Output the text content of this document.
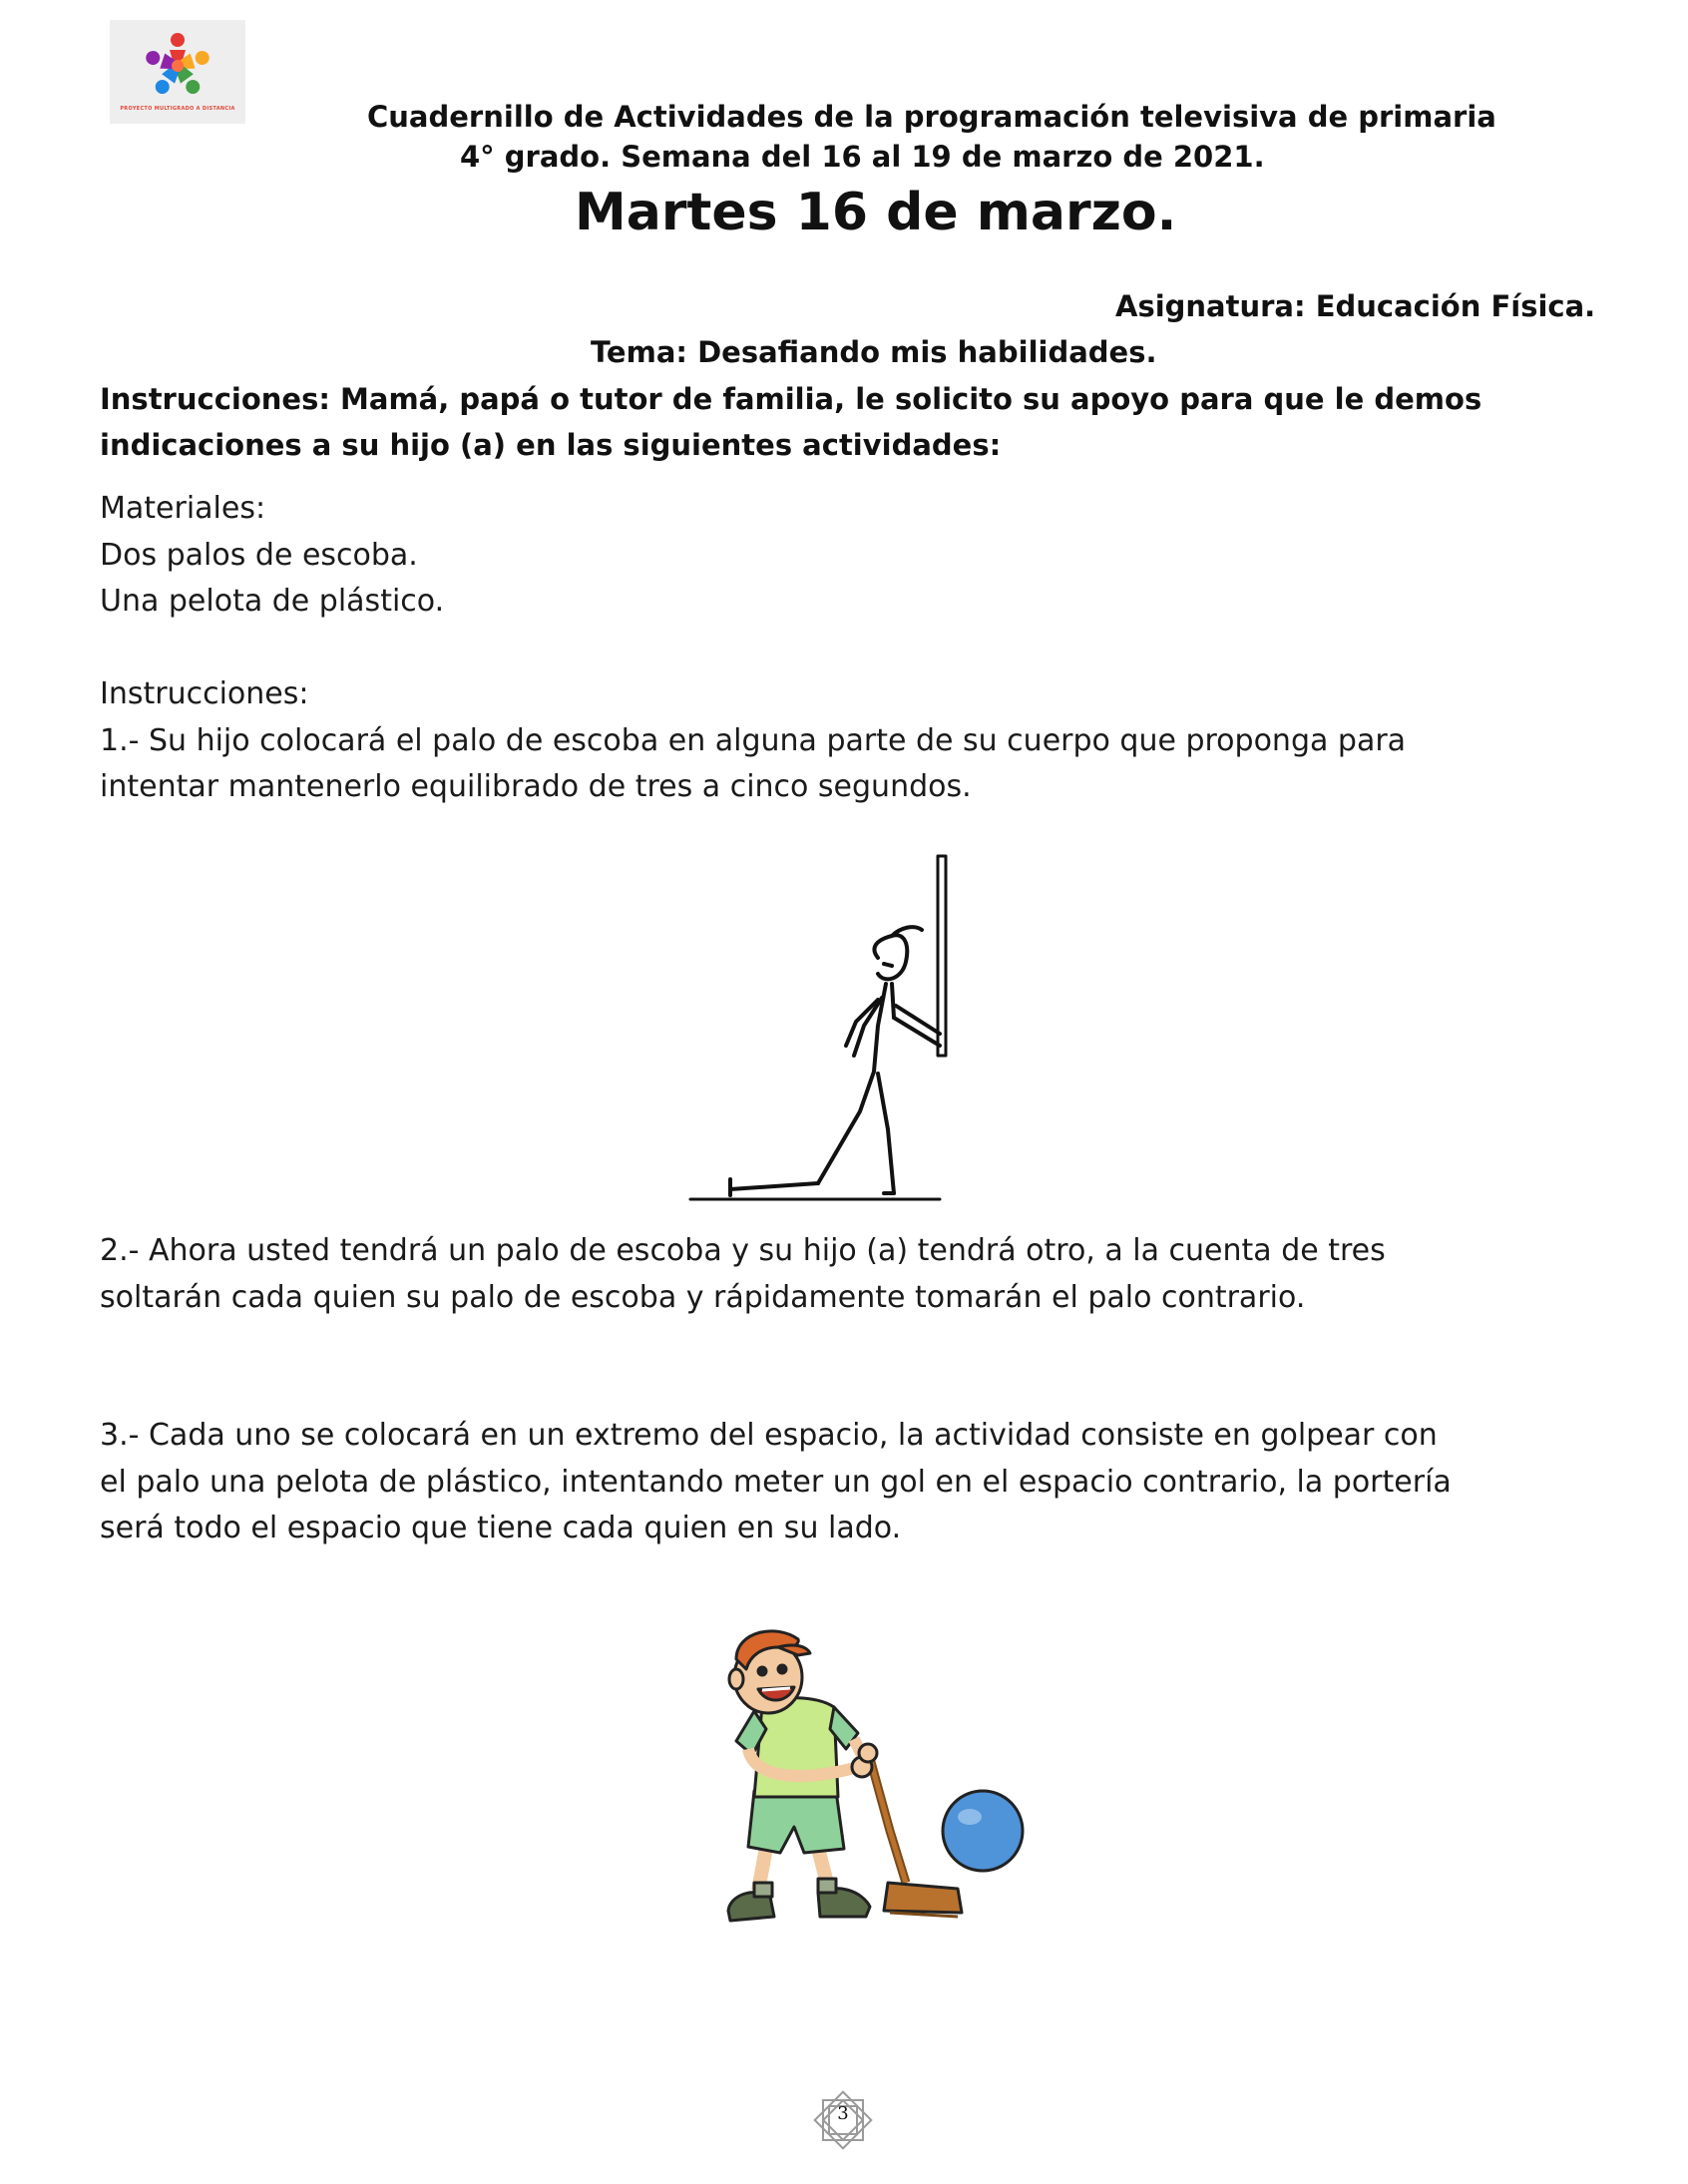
PROYECTO MULTIGRADO A DISTANCIA	Cuadernillo de Actividades de la programación televisiva de primaria
4° grado. Semana del 16 al 19 de marzo de 2021.
Martes 16 de marzo.
Asignatura: Educación Física.
Tema: Desafiando mis habilidades.
Instrucciones: Mamá, papá o tutor de familia, le solicito su apoyo para que le demos
indicaciones a su hijo (a) en las siguientes actividades:
Materiales:
Dos palos de escoba.
Una pelota de plástico.
Instrucciones:
1.- Su hijo colocará el palo de escoba en alguna parte de su cuerpo que proponga para
intentar mantenerlo equilibrado de tres a cinco segundos.
2.- Ahora usted tendrá un palo de escoba y su hijo (a) tendrá otro, a la cuenta de tres
soltarán cada quien su palo de escoba y rápidamente tomarán el palo contrario.
3.- Cada uno se colocará en un extremo del espacio, la actividad consiste en golpear con
el palo una pelota de plástico, intentando meter un gol en el espacio contrario, la portería
será todo el espacio que tiene cada quien en su lado.
3
